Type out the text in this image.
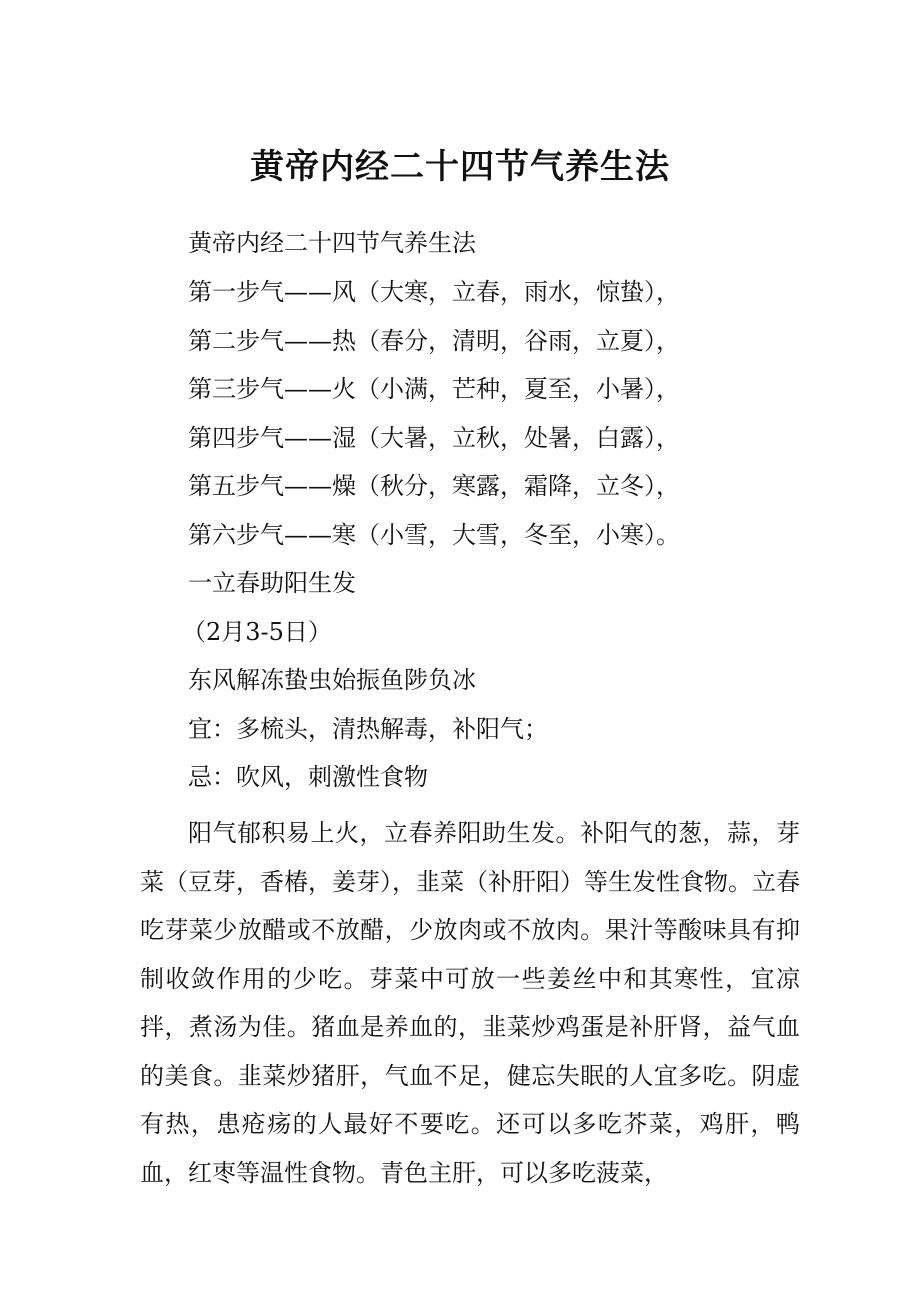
黄帝内经二十四节气养生法
黄帝内经二十四节气养生法
第一步气——风（大寒，立春，雨水，惊蛰），
第二步气——热（春分，清明，谷雨，立夏），
第三步气——火（小满，芒种，夏至，小暑），
第四步气——湿（大暑，立秋，处暑，白露），
第五步气——燥（秋分，寒露，霜降，立冬），
第六步气——寒（小雪，大雪，冬至，小寒）。
一立春助阳生发
（2月3-5日）
东风解冻蛰虫始振鱼陟负冰
宜：多梳头，清热解毒，补阳气；
忌：吹风，刺激性食物
阳气郁积易上火，立春养阳助生发。补阳气的葱，蒜，芽菜（豆芽，香椿，姜芽），韭菜（补肝阳）等生发性食物。立春吃芽菜少放醋或不放醋，少放肉或不放肉。果汁等酸味具有抑制收敛作用的少吃。芽菜中可放一些姜丝中和其寒性，宜凉拌，煮汤为佳。猪血是养血的，韭菜炒鸡蛋是补肝肾，益气血的美食。韭菜炒猪肝，气血不足，健忘失眠的人宜多吃。阴虚有热，患疮疡的人最好不要吃。还可以多吃芥菜，鸡肝，鸭血，红枣等温性食物。青色主肝，可以多吃菠菜，
